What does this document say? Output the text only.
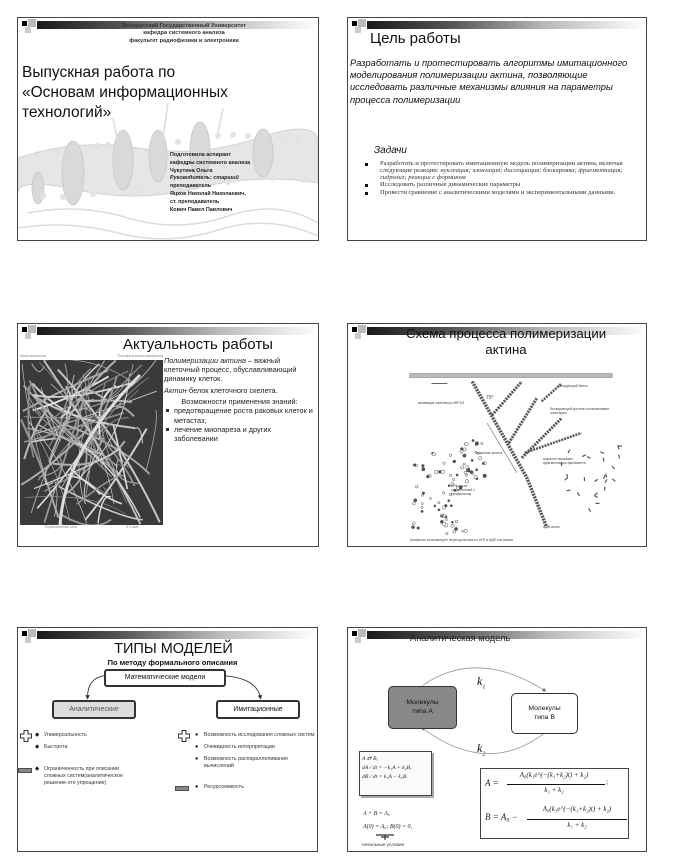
Белорусский Государственный Университет
кафедра системного анализа
факультет радиофизики и электроники
Выпускная работа по
«Основам информационных
технологий»
Подготовила аспирант
кафедры системного анализа
Чукутина Ольга
Руководитель: старший
преподаватель
Яцков Николай Николаевич,
ст. преподаватель
Кович Павел Павлович
Цель работы
Разработать и протестировать алгоритмы имитационного моделирования полимеризации актина, позволяющие исследовать различные механизмы влияния на параметры процесса полимеризации
Задачи
Разработать и протестировать имитационную модель полимеризации актина, включая следующие реакции: нуклеация; элонгация; диссоциация; блокировка; фрагментация; гидролиз; реакции с формином
Исследовать различные динамические параметры
Провести сравнение с аналитическими моделями и экспериментальными данными.
Актуальность работы
Микроворсинки	Плазматическая мембрана
Терминальная сеть	0,2 мкм
Полимеризации актина – важный клеточный процесс, обуславливающий динамику клеток.
Актин-белок клеточного скелета.
Возможности применения знаний:
предотвращение роста раковых клеток и метастаз;
лечение миопареза и других заболевании
Схема процесса полимеризации
актина
активация комплекса ARP2/3
кэпирующий белок
блокирующий протеин останавливает элонгацию
старение актина
кофилин вызывает фрагментацию филамента
АТФ-актин соединенный с профилином
АДФ-актин
профилин катализирует переход актина из АТФ в АДФ состояние
70°
ТИПЫ МОДЕЛЕЙ
По методу формального описания
Математические модели
Аналитические	Имитационные
◆ Универсальность
◆ Быстрота
◆ Ограниченность при описании сложных систем(аналитическое решение-это упрощение)
● Возможность исследования сложных систем
● Очевидность интерпретации
● Возможность распараллеливания вычислений
● Ресурсоемкость
Аналитическая модель
Молекулы
типа А	Молекулы
типа В
$k_1$
$k_2$
A ⇄ B,
dA / dt = −k₁A + k₂B,
dB / dt = k₁A − k₂B.
A + B = A₀
A(0) = A₀; B(0) = 0,
начальные условия
A =
A₀(k₁e^(−(k₁+k₂)t) + k₂)
k₁ + k₂
;
B = A₀ −
A₀(k₁e^(−(k₁+k₂)t) + k₂)
k₁ + k₂
